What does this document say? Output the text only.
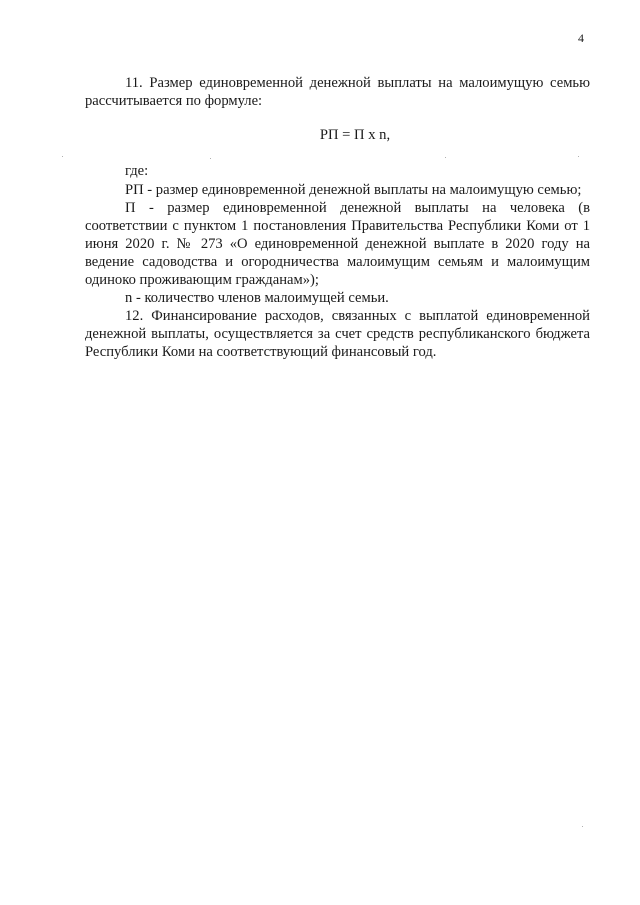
4

11. Размер единовременной денежной выплаты на малоимущую семью рассчитывается по формуле:

РП = П х n,
где:

РП - размер единовременной денежной выплаты на малоимущую семью;

П - размер единовременной денежной выплаты на человека (в соответствии с пунктом 1 постановления Правительства Республики Коми от 1 июня 2020 г. № 273 «О единовременной денежной выплате в 2020 году на ведение садоводства и огородничества малоимущим семьям и малоимущим одиноко проживающим гражданам»);

n - количество членов малоимущей семьи.

12. Финансирование расходов, связанных с выплатой единовременной денежной выплаты, осуществляется за счет средств республиканского бюджета Республики Коми на соответствующий финансовый год.
